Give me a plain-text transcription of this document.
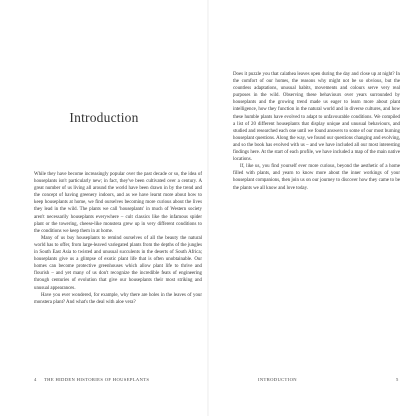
Introduction

While they have become increasingly popular over the past decade or so, the idea of houseplants isn't particularly new; in fact, they've been cultivated over a century. A great number of us living all around the world have been drawn in by the trend and the concept of having greenery indoors, and as we have learnt more about how to keep houseplants at home, we find ourselves becoming more curious about the lives they lead in the wild. The plants we call 'houseplants' in much of Western society aren't necessarily houseplants everywhere – cult classics like the infamous spider plant or the towering, cheese-like monstera grew up in very different conditions to the conditions we keep them in at home.

Many of us buy houseplants to remind ourselves of all the beauty the natural world has to offer, from large-leaved variegated plants from the depths of the jungles in South East Asia to twisted and unusual succulents in the deserts of South Africa; houseplants give us a glimpse of exotic plant life that is often unobtainable. Our homes can become protective greenhouses which allow plant life to thrive and flourish – and yet many of us don't recognize the incredible feats of engineering through centuries of evolution that give our houseplants their most striking and unusual appearances.

Have you ever wondered, for example, why there are holes in the leaves of your monstera plant? And what's the deal with aloe vera?

4 THE HIDDEN HISTORIES OF HOUSEPLANTS

Does it puzzle you that calathea leaves open during the day and close up at night? In the comfort of our homes, the reasons why might not be so obvious, but the countless adaptations, unusual habits, movements and colours serve very real purposes in the wild. Observing these behaviours over years surrounded by houseplants and the growing trend made us eager to learn more about plant intelligence, how they function in the natural world and in diverse cultures, and how these humble plants have evolved to adapt to unfavourable conditions. We compiled a list of 20 different houseplants that display unique and unusual behaviours, and studied and researched each one until we found answers to some of our most burning houseplant questions. Along the way, we found our questions changing and evolving, and so the book has evolved with us – and we have included all our most interesting findings here. At the start of each profile, we have included a map of the main native locations.

If, like us, you find yourself ever more curious, beyond the aesthetic of a home filled with plants, and yearn to know more about the inner workings of your houseplant companions, then join us on our journey to discover how they came to be the plants we all know and love today.

INTRODUCTION	5
